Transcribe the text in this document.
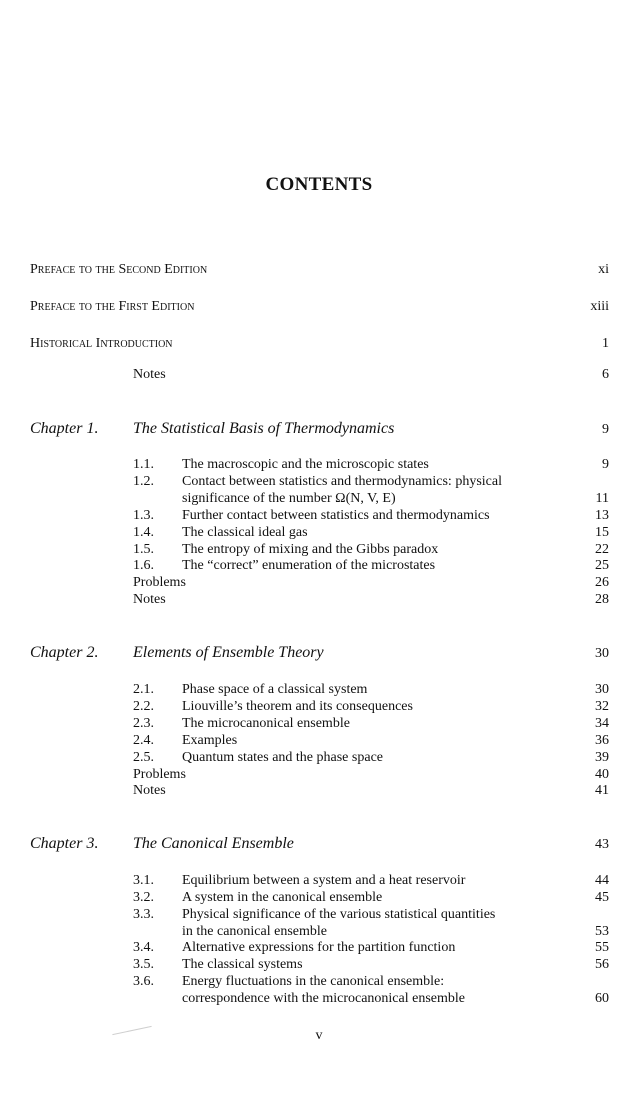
CONTENTS
Preface to the Second Edition	xi
Preface to the First Edition	xiii
Historical Introduction	1
Notes	6
Chapter 1. The Statistical Basis of Thermodynamics	9
1.1. The macroscopic and the microscopic states	9
1.2. Contact between statistics and thermodynamics: physical
significance of the number Ω(N, V, E)	11
1.3. Further contact between statistics and thermodynamics	13
1.4. The classical ideal gas	15
1.5. The entropy of mixing and the Gibbs paradox	22
1.6. The “correct” enumeration of the microstates	25
Problems	26
Notes	28
Chapter 2. Elements of Ensemble Theory	30
2.1. Phase space of a classical system	30
2.2. Liouville’s theorem and its consequences	32
2.3. The microcanonical ensemble	34
2.4. Examples	36
2.5. Quantum states and the phase space	39
Problems	40
Notes	41
Chapter 3. The Canonical Ensemble	43
3.1. Equilibrium between a system and a heat reservoir	44
3.2. A system in the canonical ensemble	45
3.3. Physical significance of the various statistical quantities
in the canonical ensemble	53
3.4. Alternative expressions for the partition function	55
3.5. The classical systems	56
3.6. Energy fluctuations in the canonical ensemble:
correspondence with the microcanonical ensemble	60
v
